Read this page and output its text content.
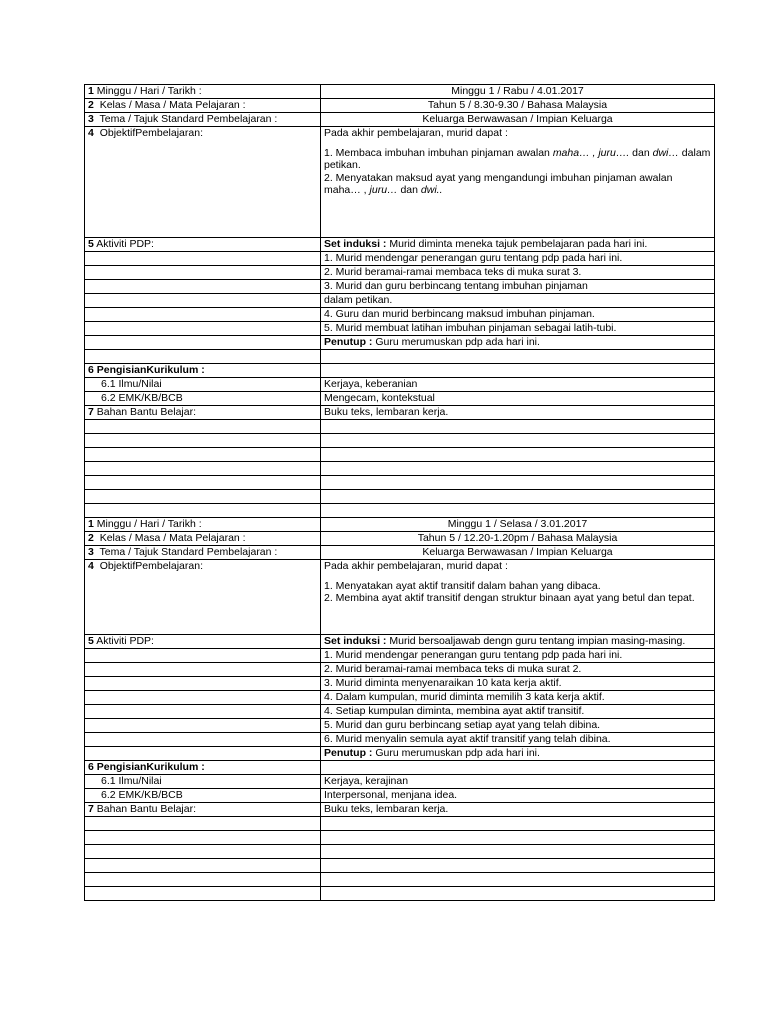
1 Minggu / Hari / Tarikh :	Minggu 1 / Rabu / 4.01.2017
2 Kelas / Masa / Mata Pelajaran :	Tahun 5 / 8.30-9.30 / Bahasa Malaysia
3 Tema / Tajuk Standard Pembelajaran :	Keluarga Berwawasan / Impian Keluarga
4 ObjektifPembelajaran:	Pada akhir pembelajaran, murid dapat :

1. Membaca imbuhan imbuhan pinjaman awalan maha… , juru…. dan dwi… dalam petikan.

2. Menyatakan maksud ayat yang mengandungi imbuhan pinjaman awalan maha… , juru… dan dwi..

5 Aktiviti PDP:	Set induksi : Murid diminta meneka tajuk pembelajaran pada hari ini.
	1. Murid mendengar penerangan guru tentang pdp pada hari ini.
	2. Murid beramai-ramai membaca teks di muka surat 3.
	3. Murid dan guru berbincang tentang imbuhan pinjaman
	dalam petikan.
	4. Guru dan murid berbincang maksud imbuhan pinjaman.
	5. Murid membuat latihan imbuhan pinjaman sebagai latih-tubi.
	Penutup : Guru merumuskan pdp ada hari ini.

6 PengisianKurikulum :	
6.1 Ilmu/Nilai	Kerjaya, keberanian
6.2 EMK/KB/BCB	Mengecam, kontekstual
7 Bahan Bantu Belajar:	Buku teks, lembaran kerja.

1 Minggu / Hari / Tarikh :	Minggu 1 / Selasa / 3.01.2017
2 Kelas / Masa / Mata Pelajaran :	Tahun 5 / 12.20-1.20pm / Bahasa Malaysia
3 Tema / Tajuk Standard Pembelajaran :	Keluarga Berwawasan / Impian Keluarga
4 ObjektifPembelajaran:	Pada akhir pembelajaran, murid dapat :

1. Menyatakan ayat aktif transitif dalam bahan yang dibaca.

2. Membina ayat aktif transitif dengan struktur binaan ayat yang betul dan tepat.

5 Aktiviti PDP:	Set induksi : Murid bersoaljawab dengn guru tentang impian masing-masing.
	1. Murid mendengar penerangan guru tentang pdp pada hari ini.
	2. Murid beramai-ramai membaca teks di muka surat 2.
	3. Murid diminta menyenaraikan 10 kata kerja aktif.
	4. Dalam kumpulan, murid diminta memilih 3 kata kerja aktif.
	4. Setiap kumpulan diminta, membina ayat aktif transitif.
	5. Murid dan guru berbincang setiap ayat yang telah dibina.
	6. Murid menyalin semula ayat aktif transitif yang telah dibina.
	Penutup : Guru merumuskan pdp ada hari ini.
6 PengisianKurikulum :	
6.1 Ilmu/Nilai	Kerjaya, kerajinan
6.2 EMK/KB/BCB	Interpersonal, menjana idea.
7 Bahan Bantu Belajar:	Buku teks, lembaran kerja.
